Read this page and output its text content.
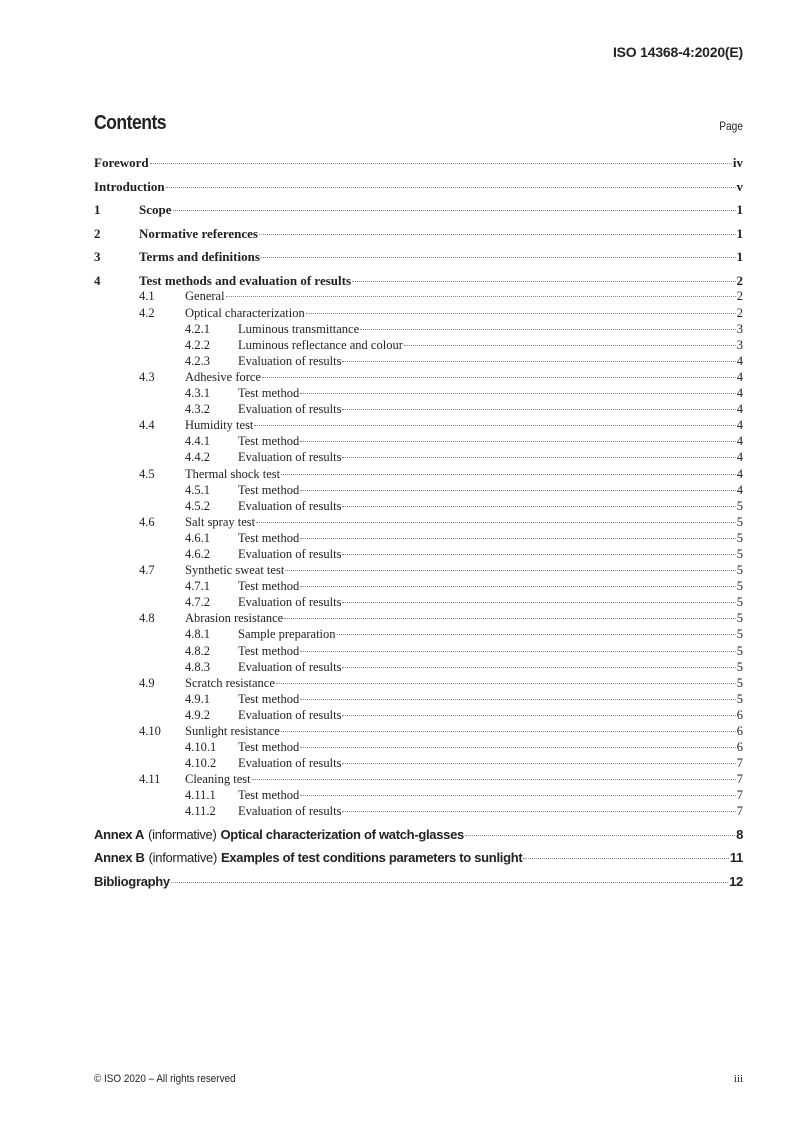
ISO 14368-4:2020(E)
Contents	Page
Foreword	iv
Introduction	v
1	Scope	1
2	Normative references	1
3	Terms and definitions	1
4	Test methods and evaluation of results	2
4.1	General	2
4.2	Optical characterization	2
4.2.1	Luminous transmittance	3
4.2.2	Luminous reflectance and colour	3
4.2.3	Evaluation of results	4
4.3	Adhesive force	4
4.3.1	Test method	4
4.3.2	Evaluation of results	4
4.4	Humidity test	4
4.4.1	Test method	4
4.4.2	Evaluation of results	4
4.5	Thermal shock test	4
4.5.1	Test method	4
4.5.2	Evaluation of results	5
4.6	Salt spray test	5
4.6.1	Test method	5
4.6.2	Evaluation of results	5
4.7	Synthetic sweat test	5
4.7.1	Test method	5
4.7.2	Evaluation of results	5
4.8	Abrasion resistance	5
4.8.1	Sample preparation	5
4.8.2	Test method	5
4.8.3	Evaluation of results	5
4.9	Scratch resistance	5
4.9.1	Test method	5
4.9.2	Evaluation of results	6
4.10	Sunlight resistance	6
4.10.1	Test method	6
4.10.2	Evaluation of results	7
4.11	Cleaning test	7
4.11.1	Test method	7
4.11.2	Evaluation of results	7
Annex A (informative) Optical characterization of watch-glasses	8
Annex B (informative) Examples of test conditions parameters to sunlight	11
Bibliography	12
© ISO 2020 – All rights reserved	iii
